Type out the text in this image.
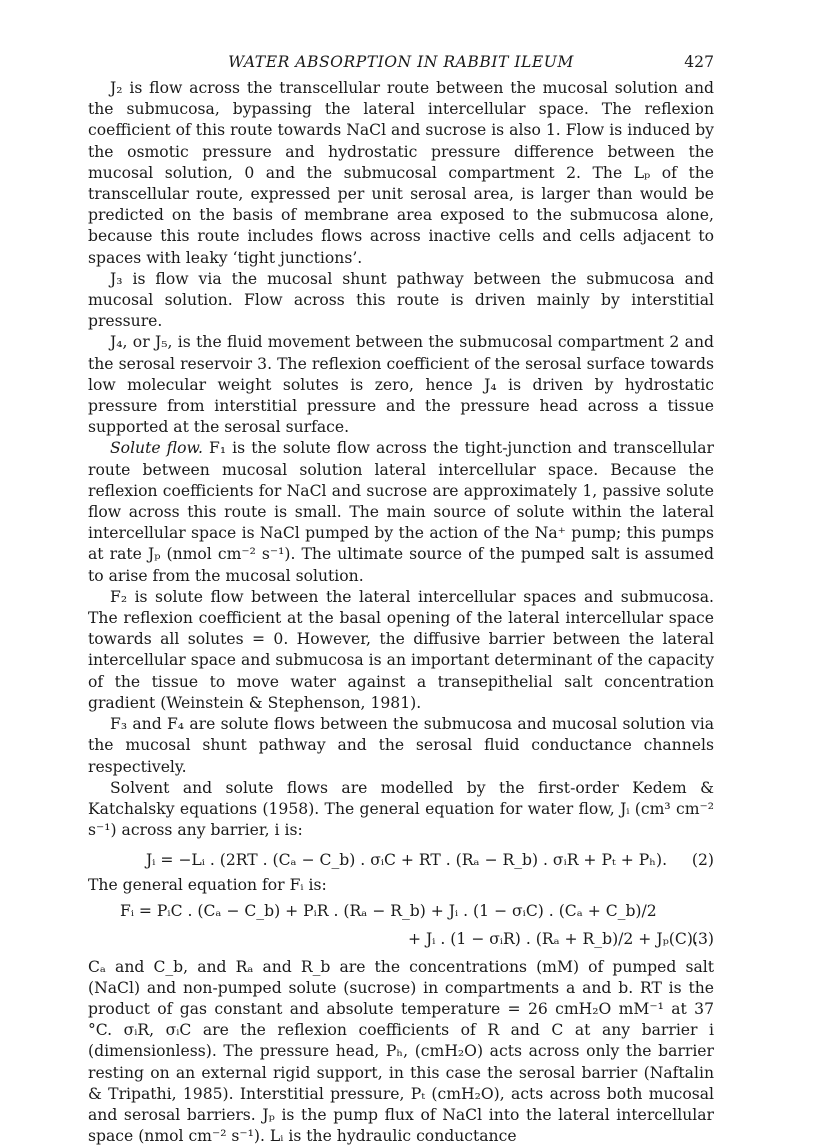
WATER ABSORPTION IN RABBIT ILEUM	427

J₂ is flow across the transcellular route between the mucosal solution and the submucosa, bypassing the lateral intercellular space. The reflexion coefficient of this route towards NaCl and sucrose is also 1. Flow is induced by the osmotic pressure and hydrostatic pressure difference between the mucosal solution, 0 and the submucosal compartment 2. The Lₚ of the transcellular route, expressed per unit serosal area, is larger than would be predicted on the basis of membrane area exposed to the submucosa alone, because this route includes flows across inactive cells and cells adjacent to spaces with leaky ‘tight junctions’.

J₃ is flow via the mucosal shunt pathway between the submucosa and mucosal solution. Flow across this route is driven mainly by interstitial pressure.

J₄, or J₅, is the fluid movement between the submucosal compartment 2 and the serosal reservoir 3. The reflexion coefficient of the serosal surface towards low molecular weight solutes is zero, hence J₄ is driven by hydrostatic pressure from interstitial pressure and the pressure head across a tissue supported at the serosal surface.

Solute flow. F₁ is the solute flow across the tight-junction and transcellular route between mucosal solution lateral intercellular space. Because the reflexion coefficients for NaCl and sucrose are approximately 1, passive solute flow across this route is small. The main source of solute within the lateral intercellular space is NaCl pumped by the action of the Na⁺ pump; this pumps at rate Jₚ (nmol cm⁻² s⁻¹). The ultimate source of the pumped salt is assumed to arise from the mucosal solution.

F₂ is solute flow between the lateral intercellular spaces and submucosa. The reflexion coefficient at the basal opening of the lateral intercellular space towards all solutes = 0. However, the diffusive barrier between the lateral intercellular space and submucosa is an important determinant of the capacity of the tissue to move water against a transepithelial salt concentration gradient (Weinstein & Stephenson, 1981).

F₃ and F₄ are solute flows between the submucosa and mucosal solution via the mucosal shunt pathway and the serosal fluid conductance channels respectively.

Solvent and solute flows are modelled by the first-order Kedem & Katchalsky equations (1958). The general equation for water flow, Jᵢ (cm³ cm⁻² s⁻¹) across any barrier, i is:

Jᵢ = −Lᵢ . (2RT . (Cₐ − C_b) . σᵢC + RT . (Rₐ − R_b) . σᵢR + Pₜ + Pₕ). (2)

The general equation for Fᵢ is:

Fᵢ = PᵢC . (Cₐ − C_b) + PᵢR . (Rₐ − R_b) + Jᵢ . (1 − σᵢC) . (Cₐ + C_b)/2
+ Jᵢ . (1 − σᵢR) . (Rₐ + R_b)/2 + Jₚ(C).
(3)

Cₐ and C_b, and Rₐ and R_b are the concentrations (mM) of pumped salt (NaCl) and non-pumped solute (sucrose) in compartments a and b. RT is the product of gas constant and absolute temperature = 26 cmH₂O mM⁻¹ at 37 °C. σᵢR, σᵢC are the reflexion coefficients of R and C at any barrier i (dimensionless). The pressure head, Pₕ, (cmH₂O) acts across only the barrier resting on an external rigid support, in this case the serosal barrier (Naftalin & Tripathi, 1985). Interstitial pressure, Pₜ (cmH₂O), acts across both mucosal and serosal barriers. Jₚ is the pump flux of NaCl into the lateral intercellular space (nmol cm⁻² s⁻¹). Lᵢ is the hydraulic conductance
